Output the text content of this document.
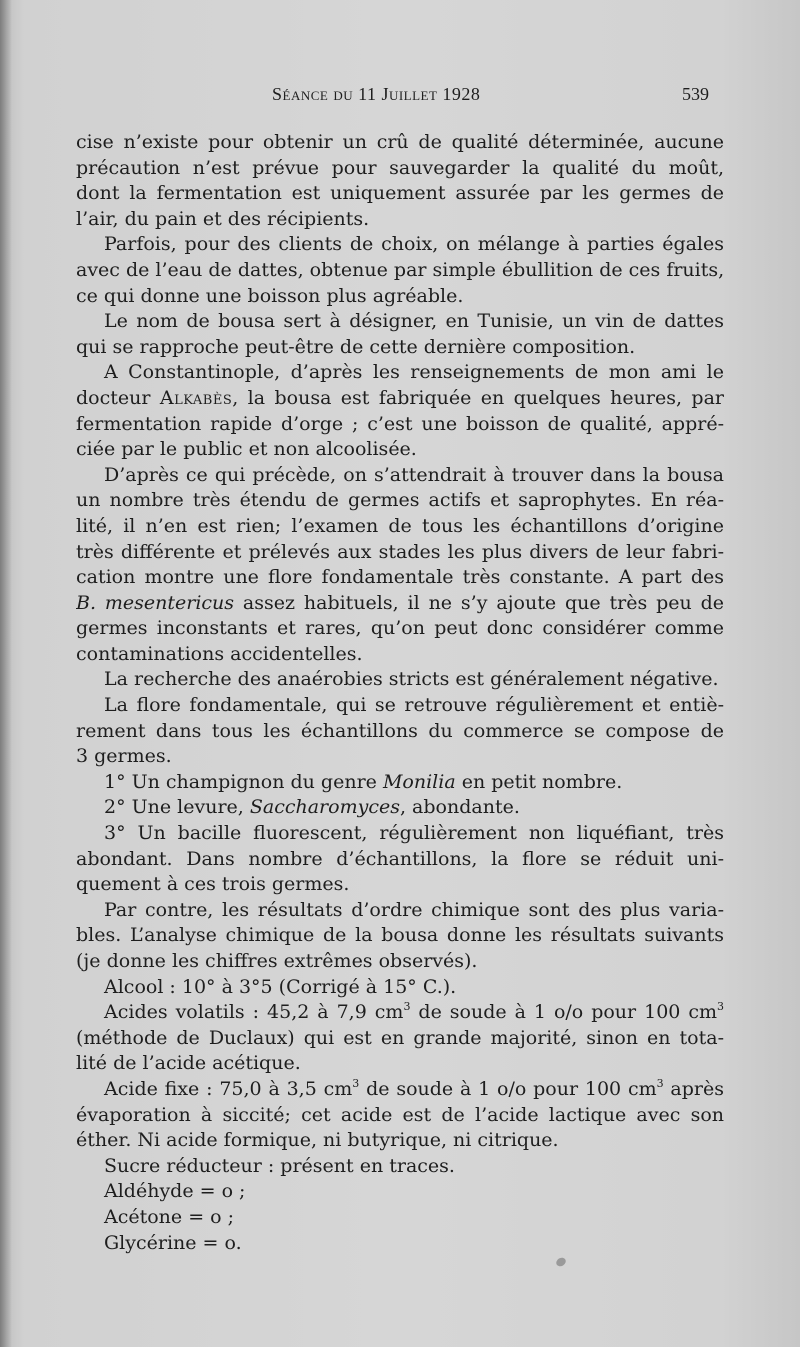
Séance du 11 Juillet 1928	539
cise n’existe pour obtenir un crû de qualité déterminée, aucune
précaution n’est prévue pour sauvegarder la qualité du moût,
dont la fermentation est uniquement assurée par les germes de
l’air, du pain et des récipients.
Parfois, pour des clients de choix, on mélange à parties égales
avec de l’eau de dattes, obtenue par simple ébullition de ces fruits,
ce qui donne une boisson plus agréable.
Le nom de bousa sert à désigner, en Tunisie, un vin de dattes
qui se rapproche peut-être de cette dernière composition.
A Constantinople, d’après les renseignements de mon ami le
docteur Alkabès, la bousa est fabriquée en quelques heures, par
fermentation rapide d’orge ; c’est une boisson de qualité, appré-
ciée par le public et non alcoolisée.
D’après ce qui précède, on s’attendrait à trouver dans la bousa
un nombre très étendu de germes actifs et saprophytes. En réa-
lité, il n’en est rien; l’examen de tous les échantillons d’origine
très différente et prélevés aux stades les plus divers de leur fabri-
cation montre une flore fondamentale très constante. A part des
B. mesentericus assez habituels, il ne s’y ajoute que très peu de
germes inconstants et rares, qu’on peut donc considérer comme
contaminations accidentelles.
La recherche des anaérobies stricts est généralement négative.
La flore fondamentale, qui se retrouve régulièrement et entiè-
rement dans tous les échantillons du commerce se compose de
3 germes.
1° Un champignon du genre Monilia en petit nombre.
2° Une levure, Saccharomyces, abondante.
3° Un bacille fluorescent, régulièrement non liquéfiant, très
abondant. Dans nombre d’échantillons, la flore se réduit uni-
quement à ces trois germes.
Par contre, les résultats d’ordre chimique sont des plus varia-
bles. L’analyse chimique de la bousa donne les résultats suivants
(je donne les chiffres extrêmes observés).
Alcool : 10° à 3°5 (Corrigé à 15° C.).
Acides volatils : 45,2 à 7,9 $cm^3$ de soude à 1 o/o pour 100 $cm^3$
(méthode de Duclaux) qui est en grande majorité, sinon en tota-
lité de l’acide acétique.
Acide fixe : 75,0 à 3,5 $cm^3$ de soude à 1 o/o pour 100 $cm^3$ après
évaporation à siccité; cet acide est de l’acide lactique avec son
éther. Ni acide formique, ni butyrique, ni citrique.
Sucre réducteur : présent en traces.
Aldéhyde = o ;
Acétone = o ;
Glycérine = o.
